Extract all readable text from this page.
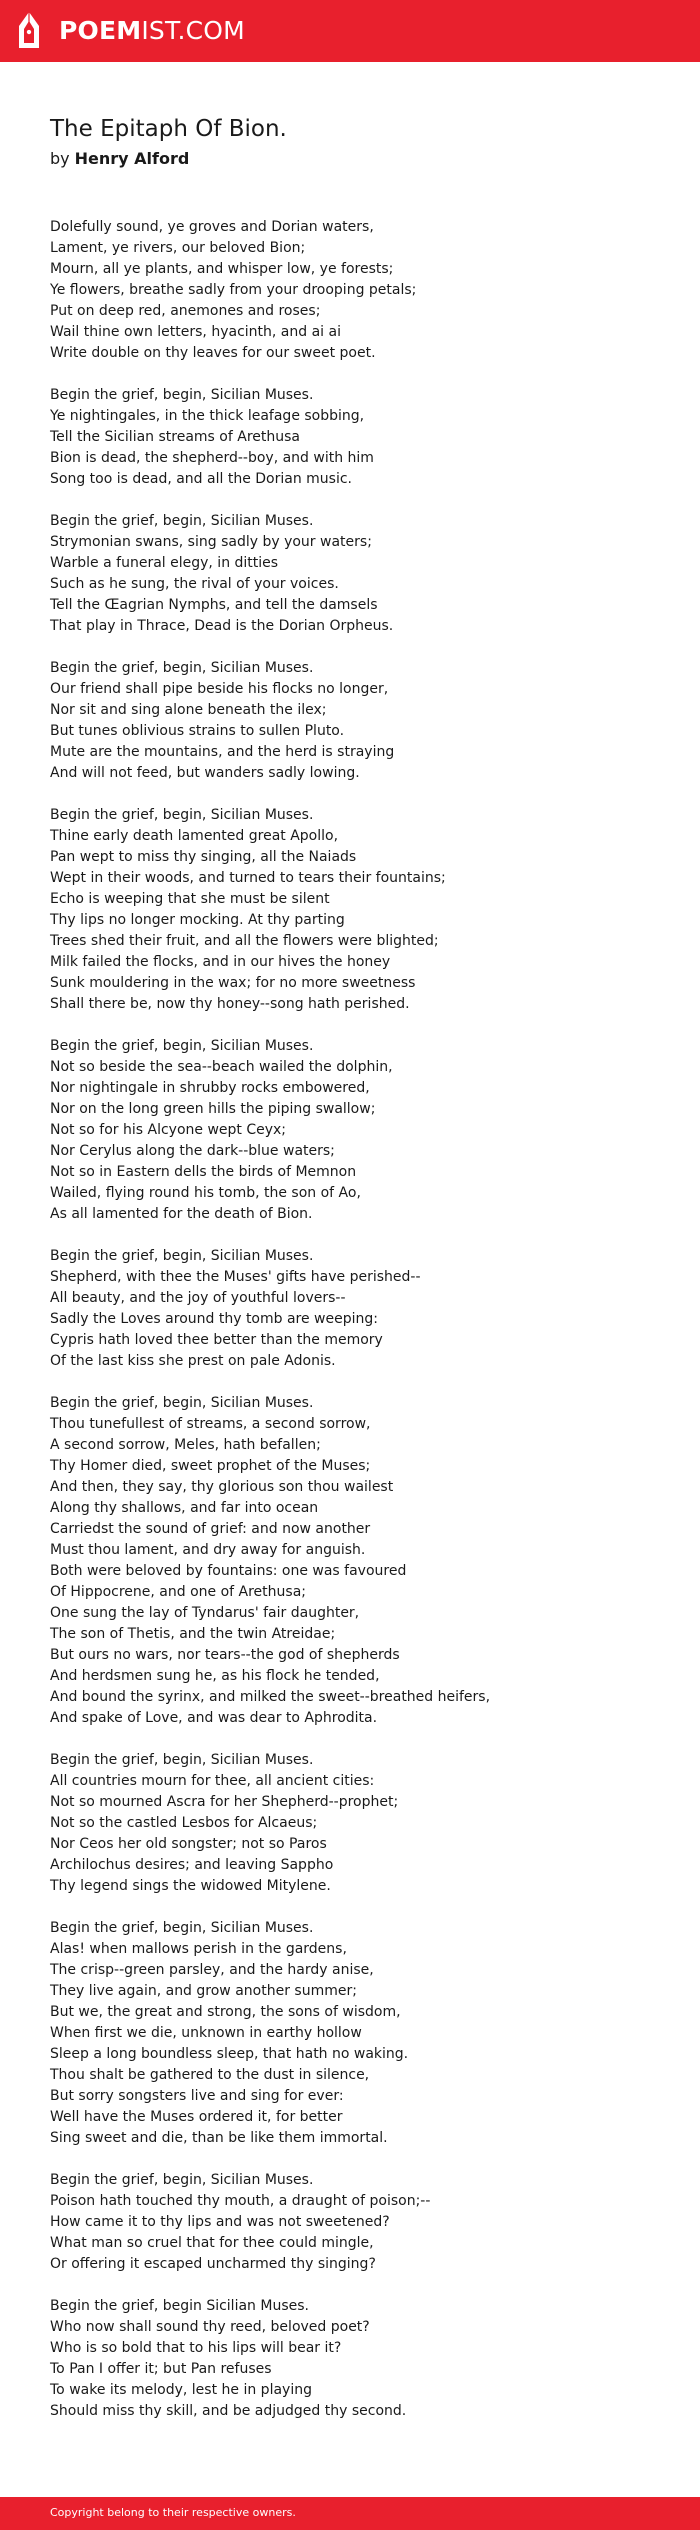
POEMIST.COM
The Epitaph Of Bion.
by Henry Alford
Dolefully sound, ye groves and Dorian waters,
Lament, ye rivers, our beloved Bion;
Mourn, all ye plants, and whisper low, ye forests;
Ye flowers, breathe sadly from your drooping petals;
Put on deep red, anemones and roses;
Wail thine own letters, hyacinth, and ai ai
Write double on thy leaves for our sweet poet.
Begin the grief, begin, Sicilian Muses.
Ye nightingales, in the thick leafage sobbing,
Tell the Sicilian streams of Arethusa
Bion is dead, the shepherd--boy, and with him
Song too is dead, and all the Dorian music.
Begin the grief, begin, Sicilian Muses.
Strymonian swans, sing sadly by your waters;
Warble a funeral elegy, in ditties
Such as he sung, the rival of your voices.
Tell the Œagrian Nymphs, and tell the damsels
That play in Thrace, Dead is the Dorian Orpheus.
Begin the grief, begin, Sicilian Muses.
Our friend shall pipe beside his flocks no longer,
Nor sit and sing alone beneath the ilex;
But tunes oblivious strains to sullen Pluto.
Mute are the mountains, and the herd is straying
And will not feed, but wanders sadly lowing.
Begin the grief, begin, Sicilian Muses.
Thine early death lamented great Apollo,
Pan wept to miss thy singing, all the Naiads
Wept in their woods, and turned to tears their fountains;
Echo is weeping that she must be silent
Thy lips no longer mocking. At thy parting
Trees shed their fruit, and all the flowers were blighted;
Milk failed the flocks, and in our hives the honey
Sunk mouldering in the wax; for no more sweetness
Shall there be, now thy honey--song hath perished.
Begin the grief, begin, Sicilian Muses.
Not so beside the sea--beach wailed the dolphin,
Nor nightingale in shrubby rocks embowered,
Nor on the long green hills the piping swallow;
Not so for his Alcyone wept Ceyx;
Nor Cerylus along the dark--blue waters;
Not so in Eastern dells the birds of Memnon
Wailed, flying round his tomb, the son of Ao,
As all lamented for the death of Bion.
Begin the grief, begin, Sicilian Muses.
Shepherd, with thee the Muses' gifts have perished--
All beauty, and the joy of youthful lovers--
Sadly the Loves around thy tomb are weeping:
Cypris hath loved thee better than the memory
Of the last kiss she prest on pale Adonis.
Begin the grief, begin, Sicilian Muses.
Thou tunefullest of streams, a second sorrow,
A second sorrow, Meles, hath befallen;
Thy Homer died, sweet prophet of the Muses;
And then, they say, thy glorious son thou wailest
Along thy shallows, and far into ocean
Carriedst the sound of grief: and now another
Must thou lament, and dry away for anguish.
Both were beloved by fountains: one was favoured
Of Hippocrene, and one of Arethusa;
One sung the lay of Tyndarus' fair daughter,
The son of Thetis, and the twin Atreidae;
But ours no wars, nor tears--the god of shepherds
And herdsmen sung he, as his flock he tended,
And bound the syrinx, and milked the sweet--breathed heifers,
And spake of Love, and was dear to Aphrodita.
Begin the grief, begin, Sicilian Muses.
All countries mourn for thee, all ancient cities:
Not so mourned Ascra for her Shepherd--prophet;
Not so the castled Lesbos for Alcaeus;
Nor Ceos her old songster; not so Paros
Archilochus desires; and leaving Sappho
Thy legend sings the widowed Mitylene.
Begin the grief, begin, Sicilian Muses.
Alas! when mallows perish in the gardens,
The crisp--green parsley, and the hardy anise,
They live again, and grow another summer;
But we, the great and strong, the sons of wisdom,
When first we die, unknown in earthy hollow
Sleep a long boundless sleep, that hath no waking.
Thou shalt be gathered to the dust in silence,
But sorry songsters live and sing for ever:
Well have the Muses ordered it, for better
Sing sweet and die, than be like them immortal.
Begin the grief, begin, Sicilian Muses.
Poison hath touched thy mouth, a draught of poison;--
How came it to thy lips and was not sweetened?
What man so cruel that for thee could mingle,
Or offering it escaped uncharmed thy singing?
Begin the grief, begin Sicilian Muses.
Who now shall sound thy reed, beloved poet?
Who is so bold that to his lips will bear it?
To Pan I offer it; but Pan refuses
To wake its melody, lest he in playing
Should miss thy skill, and be adjudged thy second.
Copyright belong to their respective owners.
